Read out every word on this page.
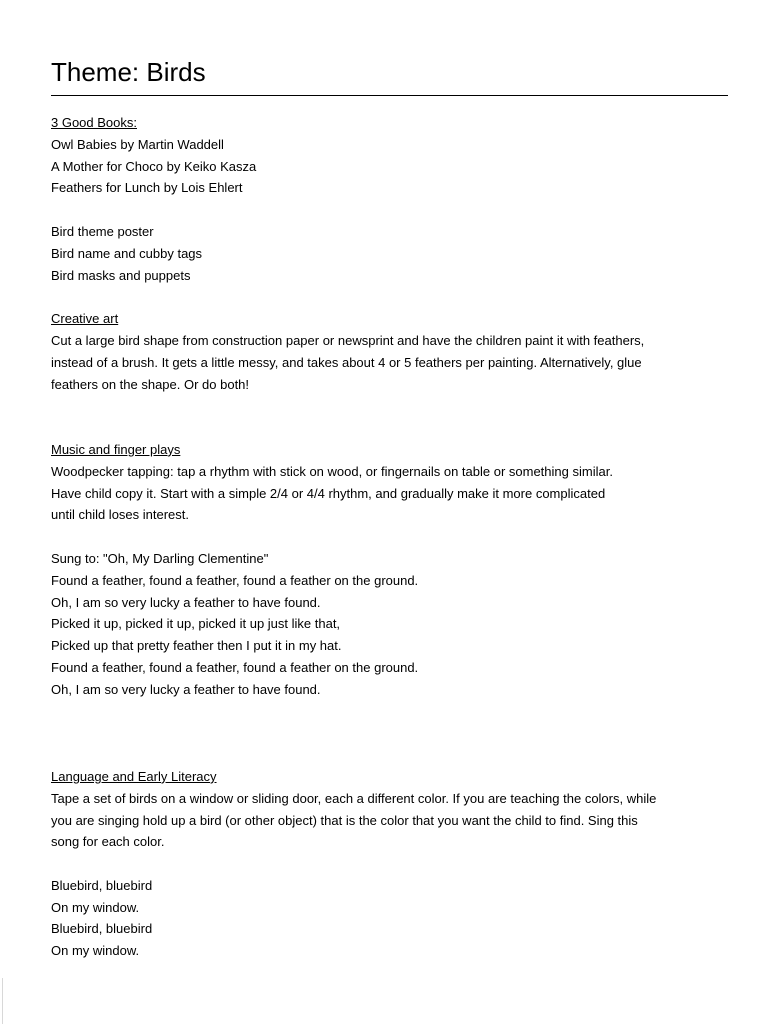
Theme: Birds
3 Good Books:
Owl Babies by Martin Waddell
A Mother for Choco by Keiko Kasza
Feathers for Lunch by Lois Ehlert
Bird theme poster
Bird name and cubby tags
Bird masks and puppets
Creative art
Cut a large bird shape from construction paper or newsprint and have the children paint it with feathers,
instead of a brush. It gets a little messy, and takes about 4 or 5 feathers per painting. Alternatively, glue
feathers on the shape. Or do both!
Music and finger plays
Woodpecker tapping: tap a rhythm with stick on wood, or fingernails on table or something similar.
Have child copy it. Start with a simple 2/4 or 4/4 rhythm, and gradually make it more complicated
until child loses interest.
Sung to: "Oh, My Darling Clementine"
Found a feather, found a feather, found a feather on the ground.
Oh, I am so very lucky a feather to have found.
Picked it up, picked it up, picked it up just like that,
Picked up that pretty feather then I put it in my hat.
Found a feather, found a feather, found a feather on the ground.
Oh, I am so very lucky a feather to have found.
Language and Early Literacy
Tape a set of birds on a window or sliding door, each a different color. If you are teaching the colors, while
you are singing hold up a bird (or other object) that is the color that you want the child to find. Sing this
song for each color.
Bluebird, bluebird
On my window.
Bluebird, bluebird
On my window.
